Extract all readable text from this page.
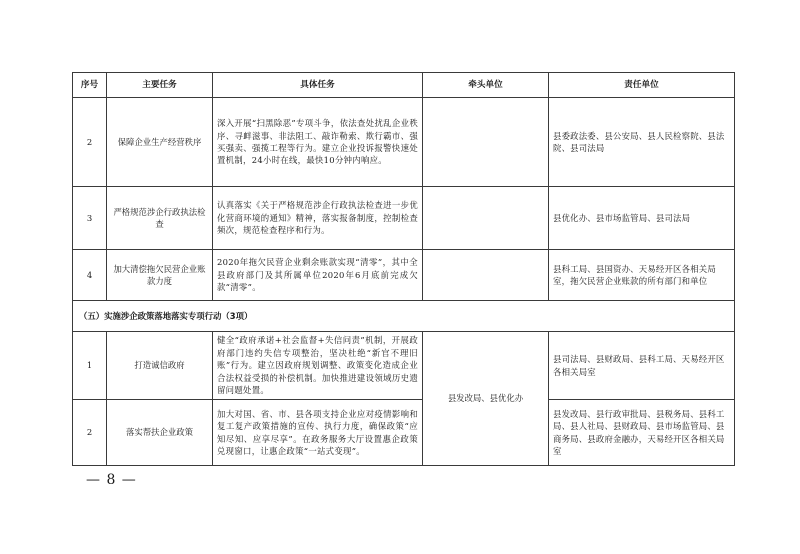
序号	主要任务	具体任务	牵头单位	责任单位
2	保障企业生产经营秩序	深入开展“扫黑除恶”专项斗争，依法查处扰乱企业秩序、寻衅滋事、非法阻工、敲诈勒索、欺行霸市、强买强卖、强揽工程等行为。建立企业投诉报警快速处置机制，24小时在线，最快10分钟内响应。		县委政法委、县公安局、县人民检察院、县法院、县司法局
3	严格规范涉企行政执法检查	认真落实《关于严格规范涉企行政执法检查进一步优化营商环境的通知》精神，落实报备制度，控制检查频次，规范检查程序和行为。		县优化办、县市场监管局、县司法局
4	加大清偿拖欠民营企业账款力度	2020年拖欠民营企业剩余账款实现“清零”，其中全县政府部门及其所属单位2020年6月底前完成欠款“清零”。		县科工局、县国资办、天易经开区各相关局室，拖欠民营企业账款的所有部门和单位
（五）实施涉企政策落地落实专项行动（3项）				
1	打造诚信政府	健全“政府承诺+社会监督+失信问责”机制，开展政府部门违约失信专项整治，坚决杜绝“新官不理旧账”行为。建立因政府规划调整、政策变化造成企业合法权益受损的补偿机制。加快推进建设领域历史遗留问题处置。	县发改局、县优化办	县司法局、县财政局、县科工局、天易经开区各相关局室
2	落实帮扶企业政策	加大对国、省、市、县各项支持企业应对疫情影响和复工复产政策措施的宣传、执行力度，确保政策“应知尽知、应享尽享”。在政务服务大厅设置惠企政策兑现窗口，让惠企政策“一站式变现”。		县发改局、县行政审批局、县税务局、县科工局、县人社局、县财政局、县市场监管局、县商务局、县政府金融办，天易经开区各相关局室
— 8 —
